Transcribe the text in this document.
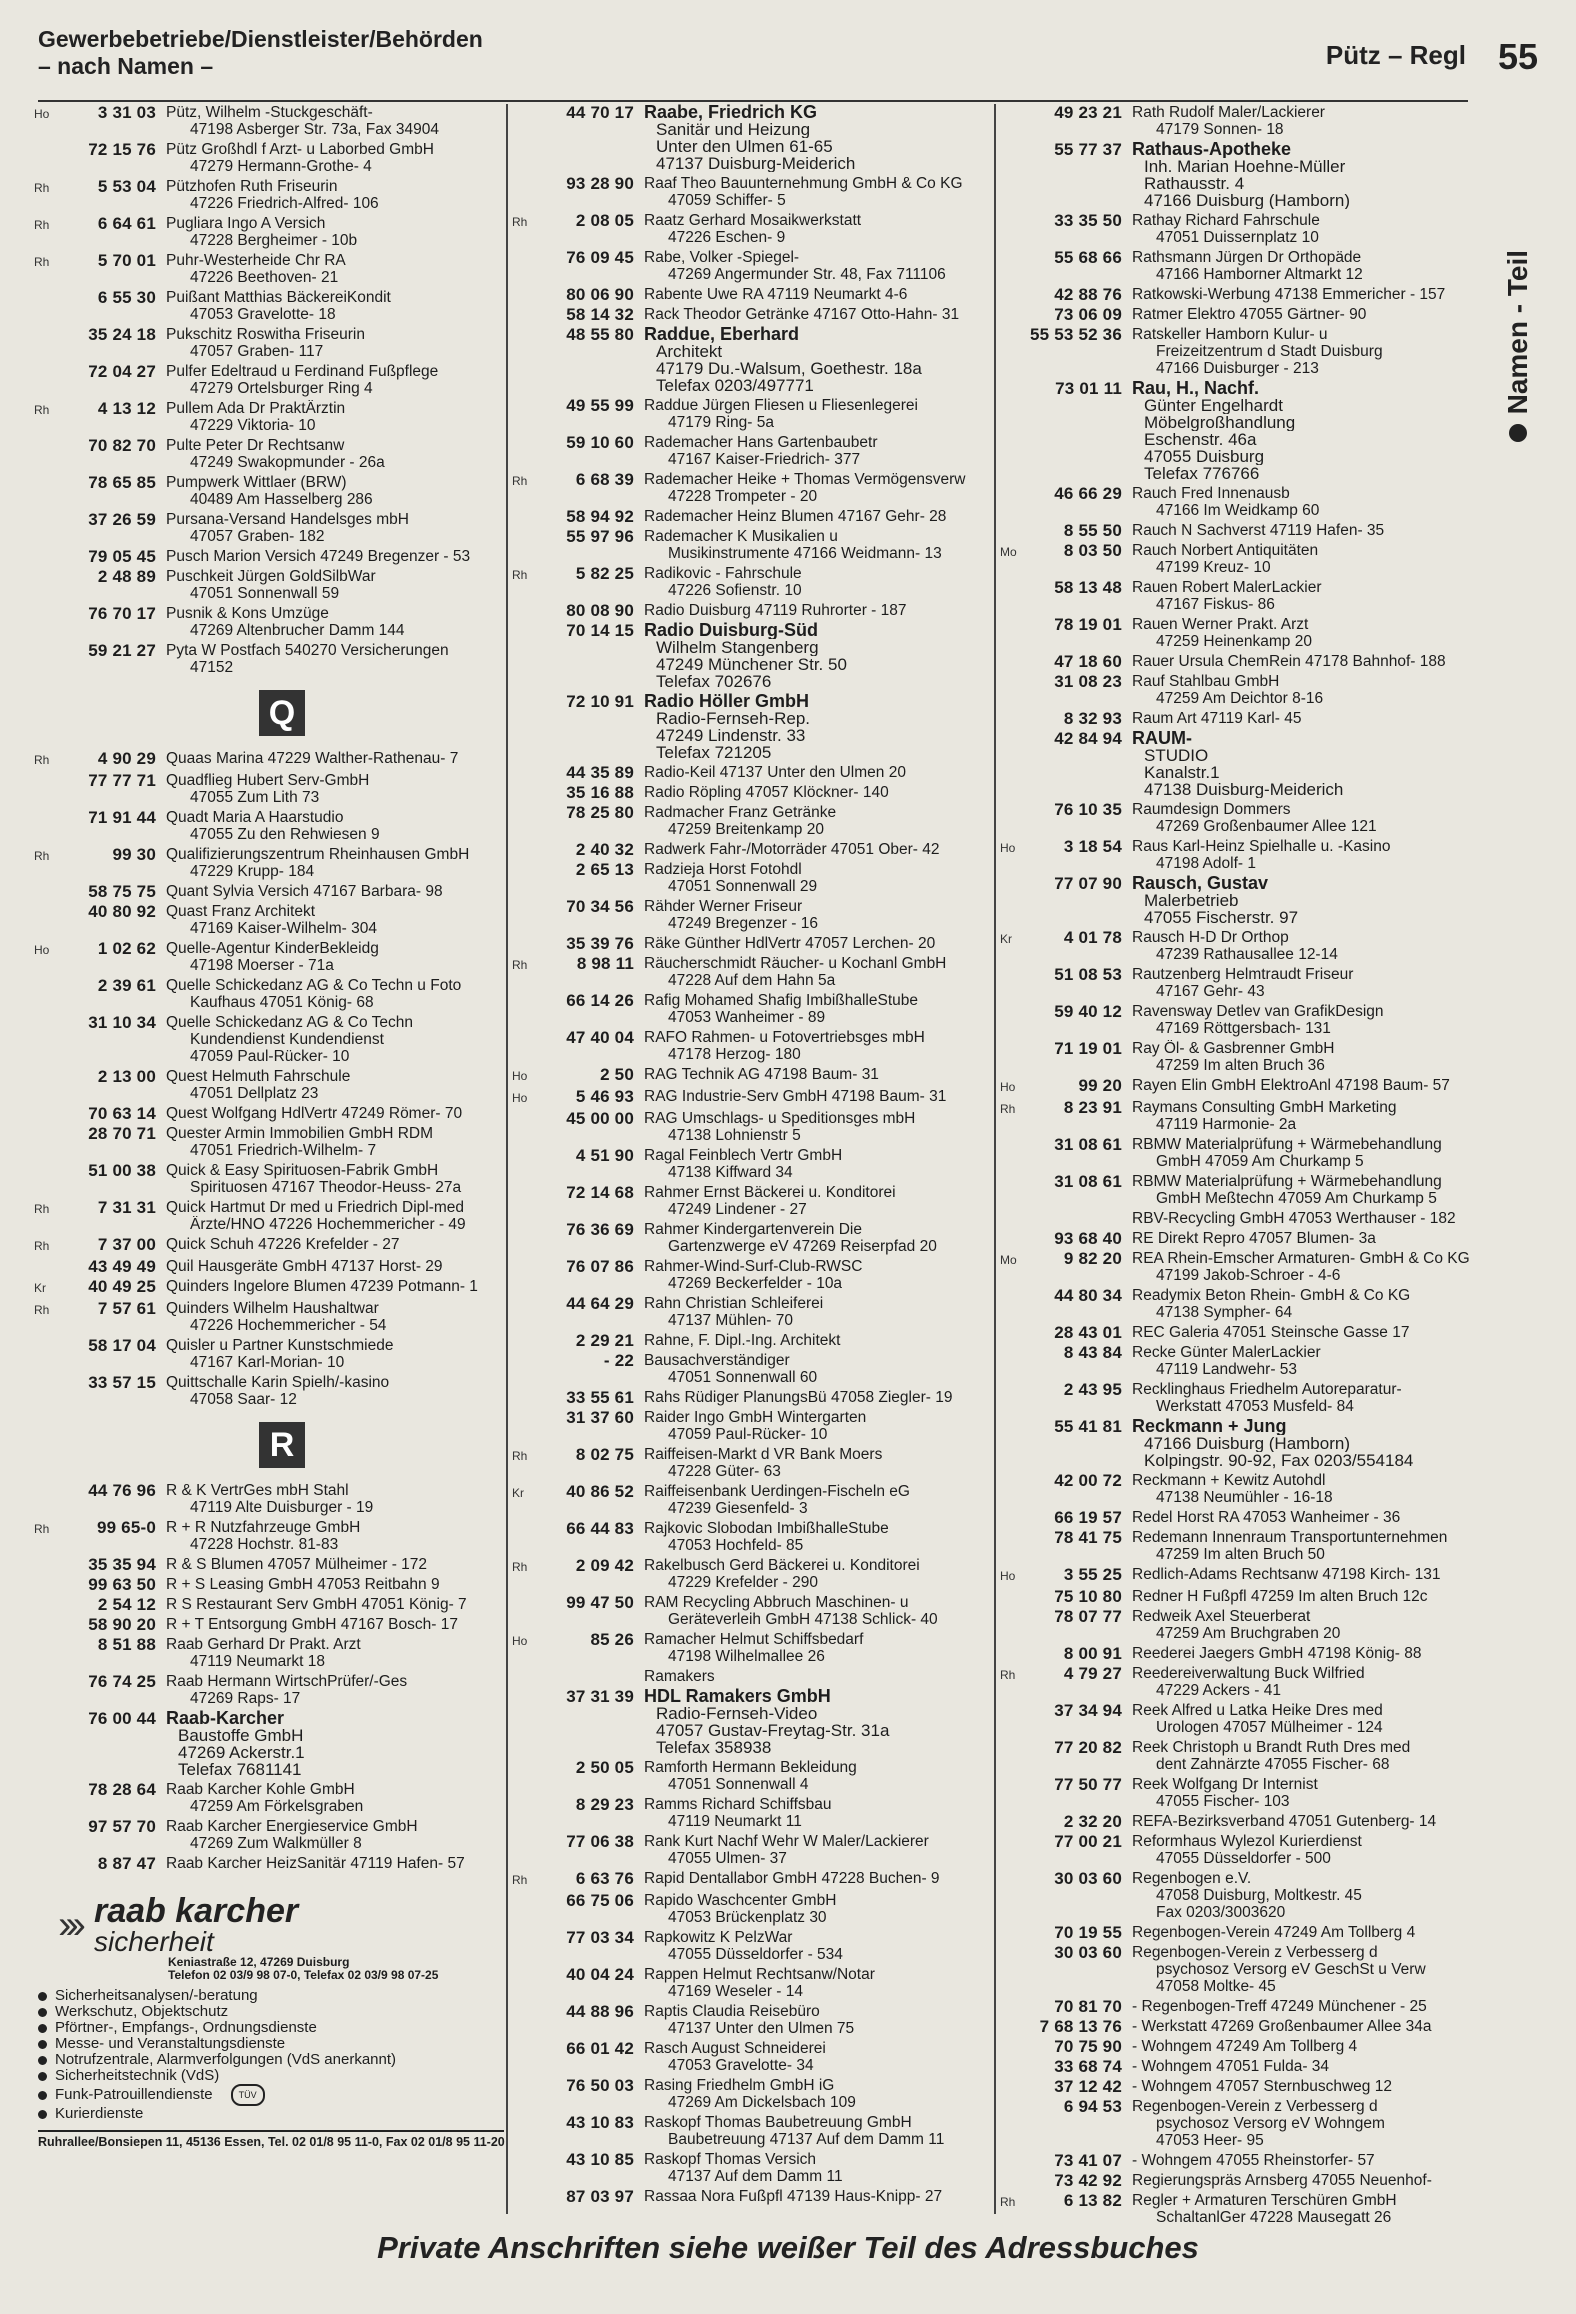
Gewerbebetriebe/Dienstleister/Behörden
– nach Namen –	Pütz – Regl 55
Ho	3 31 03 Pütz, Wilhelm -Stuckgeschäft-
47198 Asberger Str. 73a, Fax 34904
72 15 76 Pütz Großhdl f Arzt- u Laborbed GmbH
47279 Hermann-Grothe- 4
Rh	5 53 04 Pützhofen Ruth Friseurin
47226 Friedrich-Alfred- 106
Rh	6 64 61 Pugliara Ingo A Versich
47228 Bergheimer - 10b
Rh	5 70 01 Puhr-Westerheide Chr RA
47226 Beethoven- 21
6 55 30 Puißant Matthias BäckereiKondit
47053 Gravelotte- 18
35 24 18 Pukschitz Roswitha Friseurin
47057 Graben- 117
72 04 27 Pulfer Edeltraud u Ferdinand Fußpflege
47279 Ortelsburger Ring 4
Rh	4 13 12 Pullem Ada Dr PraktÄrztin
47229 Viktoria- 10
70 82 70 Pulte Peter Dr Rechtsanw
47249 Swakopmunder - 26a
78 65 85 Pumpwerk Wittlaer (BRW)
40489 Am Hasselberg 286
37 26 59 Pursana-Versand Handelsges mbH
47057 Graben- 182
79 05 45 Pusch Marion Versich 47249 Bregenzer - 53
2 48 89 Puschkeit Jürgen GoldSilbWar
47051 Sonnenwall 59
76 70 17 Pusnik & Kons Umzüge
47269 Altenbrucher Damm 144
59 21 27 Pyta W Postfach 540270 Versicherungen
47152
Q
Rh	4 90 29 Quaas Marina 47229 Walther-Rathenau- 7
77 77 71 Quadflieg Hubert Serv-GmbH
47055 Zum Lith 73
71 91 44 Quadt Maria A Haarstudio
47055 Zu den Rehwiesen 9
Rh	99 30 Qualifizierungszentrum Rheinhausen GmbH
47229 Krupp- 184
58 75 75 Quant Sylvia Versich 47167 Barbara- 98
40 80 92 Quast Franz Architekt
47169 Kaiser-Wilhelm- 304
Ho	1 02 62 Quelle-Agentur KinderBekleidg
47198 Moerser - 71a
2 39 61 Quelle Schickedanz AG & Co Techn u Foto
Kaufhaus 47051 König- 68
31 10 34 Quelle Schickedanz AG & Co Techn
Kundendienst Kundendienst
47059 Paul-Rücker- 10
2 13 00 Quest Helmuth Fahrschule
47051 Dellplatz 23
70 63 14 Quest Wolfgang HdlVertr 47249 Römer- 70
28 70 71 Quester Armin Immobilien GmbH RDM
47051 Friedrich-Wilhelm- 7
51 00 38 Quick & Easy Spirituosen-Fabrik GmbH
Spirituosen 47167 Theodor-Heuss- 27a
Rh	7 31 31 Quick Hartmut Dr med u Friedrich Dipl-med
Ärzte/HNO 47226 Hochemmericher - 49
Rh	7 37 00 Quick Schuh 47226 Krefelder - 27
43 49 49 Quil Hausgeräte GmbH 47137 Horst- 29
Kr	40 49 25 Quinders Ingelore Blumen 47239 Potmann- 1
Rh	7 57 61 Quinders Wilhelm Haushaltwar
47226 Hochemmericher - 54
58 17 04 Quisler u Partner Kunstschmiede
47167 Karl-Morian- 10
33 57 15 Quittschalle Karin Spielh/-kasino
47058 Saar- 12
R
44 76 96 R & K VertrGes mbH Stahl
47119 Alte Duisburger - 19
Rh	99 65-0 R + R Nutzfahrzeuge GmbH
47228 Hochstr. 81-83
35 35 94 R & S Blumen 47057 Mülheimer - 172
99 63 50 R + S Leasing GmbH 47053 Reitbahn 9
2 54 12 R S Restaurant Serv GmbH 47051 König- 7
58 90 20 R + T Entsorgung GmbH 47167 Bosch- 17
8 51 88 Raab Gerhard Dr Prakt. Arzt
47119 Neumarkt 18
76 74 25 Raab Hermann WirtschPrüfer/-Ges
47269 Raps- 17
76 00 44 Raab-Karcher
Baustoffe GmbH
47269 Ackerstr.1
Telefax 7681141
78 28 64 Raab Karcher Kohle GmbH
47259 Am Förkelsgraben
97 57 70 Raab Karcher Energieservice GmbH
47269 Zum Walkmüller 8
8 87 47 Raab Karcher HeizSanitär 47119 Hafen- 57
››› raab karcher
sicherheit
Keniastraße 12, 47269 Duisburg
Telefon 02 03/9 98 07-0, Telefax 02 03/9 98 07-25
Sicherheitsanalysen/-beratung
Werkschutz, Objektschutz
Pförtner-, Empfangs-, Ordnungsdienste
Messe- und Veranstaltungsdienste
Notrufzentrale, Alarmverfolgungen (VdS anerkannt)
Sicherheitstechnik (VdS)
Funk-Patrouillendienste	TÜV
Kurierdienste
Ruhrallee/Bonsiepen 11, 45136 Essen, Tel. 02 01/8 95 11-0, Fax 02 01/8 95 11-20
44 70 17 Raabe, Friedrich KG
Sanitär und Heizung
Unter den Ulmen 61-65
47137 Duisburg-Meiderich
93 28 90 Raaf Theo Bauunternehmung GmbH & Co KG
47059 Schiffer- 5
Rh	2 08 05 Raatz Gerhard Mosaikwerkstatt
47226 Eschen- 9
76 09 45 Rabe, Volker -Spiegel-
47269 Angermunder Str. 48, Fax 711106
80 06 90 Rabente Uwe RA 47119 Neumarkt 4-6
58 14 32 Rack Theodor Getränke 47167 Otto-Hahn- 31
48 55 80 Raddue, Eberhard
Architekt
47179 Du.-Walsum, Goethestr. 18a
Telefax 0203/497771
49 55 99 Raddue Jürgen Fliesen u Fliesenlegerei
47179 Ring- 5a
59 10 60 Rademacher Hans Gartenbaubetr
47167 Kaiser-Friedrich- 377
Rh	6 68 39 Rademacher Heike + Thomas Vermögensverw
47228 Trompeter - 20
58 94 92 Rademacher Heinz Blumen 47167 Gehr- 28
55 97 96 Rademacher K Musikalien u
Musikinstrumente 47166 Weidmann- 13
Rh	5 82 25 Radikovic - Fahrschule
47226 Sofienstr. 10
80 08 90 Radio Duisburg 47119 Ruhrorter - 187
70 14 15 Radio Duisburg-Süd
Wilhelm Stangenberg
47249 Münchener Str. 50
Telefax 702676
72 10 91 Radio Höller GmbH
Radio-Fernseh-Rep.
47249 Lindenstr. 33
Telefax 721205
44 35 89 Radio-Keil 47137 Unter den Ulmen 20
35 16 88 Radio Röpling 47057 Klöckner- 140
78 25 80 Radmacher Franz Getränke
47259 Breitenkamp 20
2 40 32 Radwerk Fahr-/Motorräder 47051 Ober- 42
2 65 13 Radzieja Horst Fotohdl
47051 Sonnenwall 29
70 34 56 Rähder Werner Friseur
47249 Bregenzer - 16
35 39 76 Räke Günther HdlVertr 47057 Lerchen- 20
Rh	8 98 11 Räucherschmidt Räucher- u Kochanl GmbH
47228 Auf dem Hahn 5a
66 14 26 Rafig Mohamed Shafig ImbißhalleStube
47053 Wanheimer - 89
47 40 04 RAFO Rahmen- u Fotovertriebsges mbH
47178 Herzog- 180
Ho	2 50 RAG Technik AG 47198 Baum- 31
Ho	5 46 93 RAG Industrie-Serv GmbH 47198 Baum- 31
45 00 00 RAG Umschlags- u Speditionsges mbH
47138 Lohnienstr 5
4 51 90 Ragal Feinblech Vertr GmbH
47138 Kiffward 34
72 14 68 Rahmer Ernst Bäckerei u. Konditorei
47249 Lindener - 27
76 36 69 Rahmer Kindergartenverein Die
Gartenzwerge eV 47269 Reiserpfad 20
76 07 86 Rahmer-Wind-Surf-Club-RWSC
47269 Beckerfelder - 10a
44 64 29 Rahn Christian Schleiferei
47137 Mühlen- 70
2 29 21 Rahne, F. Dipl.-Ing. Architekt
- 22 Bausachverständiger
47051 Sonnenwall 60
33 55 61 Rahs Rüdiger PlanungsBü 47058 Ziegler- 19
31 37 60 Raider Ingo GmbH Wintergarten
47059 Paul-Rücker- 10
Rh	8 02 75 Raiffeisen-Markt d VR Bank Moers
47228 Güter- 63
Kr	40 86 52 Raiffeisenbank Uerdingen-Fischeln eG
47239 Giesenfeld- 3
66 44 83 Rajkovic Slobodan ImbißhalleStube
47053 Hochfeld- 85
Rh	2 09 42 Rakelbusch Gerd Bäckerei u. Konditorei
47229 Krefelder - 290
99 47 50 RAM Recycling Abbruch Maschinen- u
Geräteverleih GmbH 47138 Schlick- 40
Ho	85 26 Ramacher Helmut Schiffsbedarf
47198 Wilhelmallee 26
Ramakers
37 31 39 HDL Ramakers GmbH
Radio-Fernseh-Video
47057 Gustav-Freytag-Str. 31a
Telefax 358938
2 50 05 Ramforth Hermann Bekleidung
47051 Sonnenwall 4
8 29 23 Ramms Richard Schiffsbau
47119 Neumarkt 11
77 06 38 Rank Kurt Nachf Wehr W Maler/Lackierer
47055 Ulmen- 37
Rh	6 63 76 Rapid Dentallabor GmbH 47228 Buchen- 9
66 75 06 Rapido Waschcenter GmbH
47053 Brückenplatz 30
77 03 34 Rapkowitz K PelzWar
47055 Düsseldorfer - 534
40 04 24 Rappen Helmut Rechtsanw/Notar
47169 Weseler - 14
44 88 96 Raptis Claudia Reisebüro
47137 Unter den Ulmen 75
66 01 42 Rasch August Schneiderei
47053 Gravelotte- 34
76 50 03 Rasing Friedhelm GmbH iG
47269 Am Dickelsbach 109
43 10 83 Raskopf Thomas Baubetreuung GmbH
Baubetreuung 47137 Auf dem Damm 11
43 10 85 Raskopf Thomas Versich
47137 Auf dem Damm 11
87 03 97 Rassaa Nora Fußpfl 47139 Haus-Knipp- 27
49 23 21 Rath Rudolf Maler/Lackierer
47179 Sonnen- 18
55 77 37 Rathaus-Apotheke
Inh. Marian Hoehne-Müller
Rathausstr. 4
47166 Duisburg (Hamborn)
33 35 50 Rathay Richard Fahrschule
47051 Duissernplatz 10
55 68 66 Rathsmann Jürgen Dr Orthopäde
47166 Hamborner Altmarkt 12
42 88 76 Ratkowski-Werbung 47138 Emmericher - 157
73 06 09 Ratmer Elektro 47055 Gärtner- 90
55 53 52 36 Ratskeller Hamborn Kulur- u
Freizeitzentrum d Stadt Duisburg
47166 Duisburger - 213
73 01 11 Rau, H., Nachf.
Günter Engelhardt
Möbelgroßhandlung
Eschenstr. 46a
47055 Duisburg
Telefax 776766
46 66 29 Rauch Fred Innenausb
47166 Im Weidkamp 60
8 55 50 Rauch N Sachverst 47119 Hafen- 35
Mo	8 03 50 Rauch Norbert Antiquitäten
47199 Kreuz- 10
58 13 48 Rauen Robert MalerLackier
47167 Fiskus- 86
78 19 01 Rauen Werner Prakt. Arzt
47259 Heinenkamp 20
47 18 60 Rauer Ursula ChemRein 47178 Bahnhof- 188
31 08 23 Rauf Stahlbau GmbH
47259 Am Deichtor 8-16
8 32 93 Raum Art 47119 Karl- 45
42 84 94 RAUM-
STUDIO
Kanalstr.1
47138 Duisburg-Meiderich
76 10 35 Raumdesign Dommers
47269 Großenbaumer Allee 121
Ho	3 18 54 Raus Karl-Heinz Spielhalle u. -Kasino
47198 Adolf- 1
77 07 90 Rausch, Gustav
Malerbetrieb
47055 Fischerstr. 97
Kr	4 01 78 Rausch H-D Dr Orthop
47239 Rathausallee 12-14
51 08 53 Rautzenberg Helmtraudt Friseur
47167 Gehr- 43
59 40 12 Ravensway Detlev van GrafikDesign
47169 Röttgersbach- 131
71 19 01 Ray Öl- & Gasbrenner GmbH
47259 Im alten Bruch 36
Ho	99 20 Rayen Elin GmbH ElektroAnl 47198 Baum- 57
Rh	8 23 91 Raymans Consulting GmbH Marketing
47119 Harmonie- 2a
31 08 61 RBMW Materialprüfung + Wärmebehandlung
GmbH 47059 Am Churkamp 5
31 08 61 RBMW Materialprüfung + Wärmebehandlung
GmbH Meßtechn 47059 Am Churkamp 5
RBV-Recycling GmbH 47053 Werthauser - 182
93 68 40 RE Direkt Repro 47057 Blumen- 3a
Mo	9 82 20 REA Rhein-Emscher Armaturen- GmbH & Co KG
47199 Jakob-Schroer - 4-6
44 80 34 Readymix Beton Rhein- GmbH & Co KG
47138 Sympher- 64
28 43 01 REC Galeria 47051 Steinsche Gasse 17
8 43 84 Recke Günter MalerLackier
47119 Landwehr- 53
2 43 95 Recklinghaus Friedhelm Autoreparatur-
Werkstatt 47053 Musfeld- 84
55 41 81 Reckmann + Jung
47166 Duisburg (Hamborn)
Kolpingstr. 90-92, Fax 0203/554184
42 00 72 Reckmann + Kewitz Autohdl
47138 Neumühler - 16-18
66 19 57 Redel Horst RA 47053 Wanheimer - 36
78 41 75 Redemann Innenraum Transportunternehmen
47259 Im alten Bruch 50
Ho	3 55 25 Redlich-Adams Rechtsanw 47198 Kirch- 131
75 10 80 Redner H Fußpfl 47259 Im alten Bruch 12c
78 07 77 Redweik Axel Steuerberat
47259 Am Bruchgraben 20
8 00 91 Reederei Jaegers GmbH 47198 König- 88
Rh	4 79 27 Reedereiverwaltung Buck Wilfried
47229 Ackers - 41
37 34 94 Reek Alfred u Latka Heike Dres med
Urologen 47057 Mülheimer - 124
77 20 82 Reek Christoph u Brandt Ruth Dres med
dent Zahnärzte 47055 Fischer- 68
77 50 77 Reek Wolfgang Dr Internist
47055 Fischer- 103
2 32 20 REFA-Bezirksverband 47051 Gutenberg- 14
77 00 21 Reformhaus Wylezol Kurierdienst
47055 Düsseldorfer - 500
30 03 60 Regenbogen e.V.
47058 Duisburg, Moltkestr. 45
Fax 0203/3003620
70 19 55 Regenbogen-Verein 47249 Am Tollberg 4
30 03 60 Regenbogen-Verein z Verbesserg d
psychosoz Versorg eV GeschSt u Verw
47058 Moltke- 45
70 81 70 - Regenbogen-Treff 47249 Münchener - 25
7 68 13 76 - Werkstatt 47269 Großenbaumer Allee 34a
70 75 90 - Wohngem 47249 Am Tollberg 4
33 68 74 - Wohngem 47051 Fulda- 34
37 12 42 - Wohngem 47057 Sternbuschweg 12
6 94 53 Regenbogen-Verein z Verbesserg d
psychosoz Versorg eV Wohngem
47053 Heer- 95
73 41 07 - Wohngem 47055 Rheinstorfer- 57
73 42 92 Regierungspräs Arnsberg 47055 Neuenhof-
Rh	6 13 82 Regler + Armaturen Terschüren GmbH
SchaltanlGer 47228 Mausegatt 26
Namen - Teil
Private Anschriften siehe weißer Teil des Adressbuches
